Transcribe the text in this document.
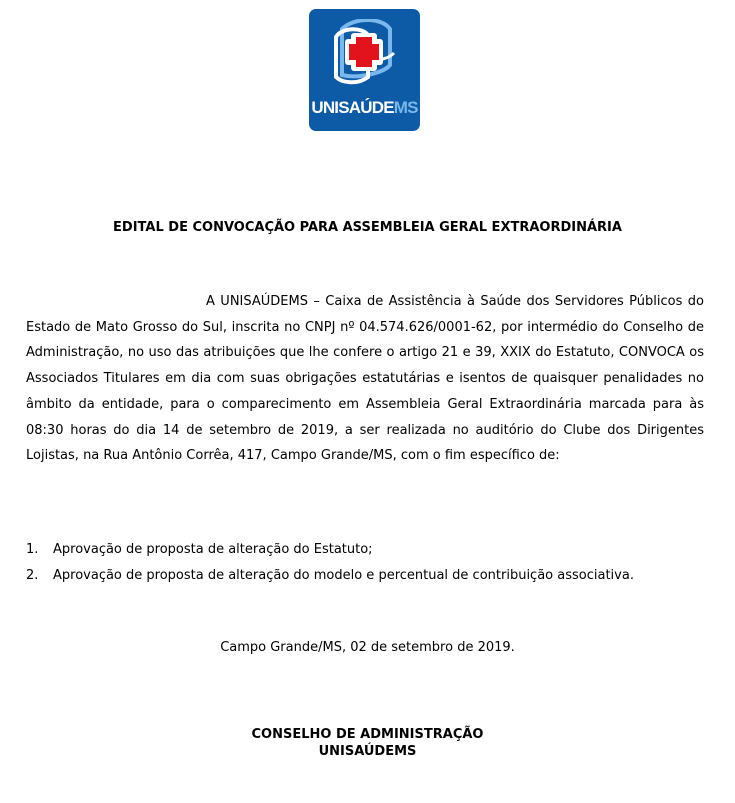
UNISAÚDEMS
EDITAL DE CONVOCAÇÃO PARA ASSEMBLEIA GERAL EXTRAORDINÁRIA

A UNISAÚDEMS – Caixa de Assistência à Saúde dos Servidores Públicos do Estado de Mato Grosso do Sul, inscrita no CNPJ nº 04.574.626/0001-62, por intermédio do Conselho de Administração, no uso das atribuições que lhe confere o artigo 21 e 39, XXIX do Estatuto, CONVOCA os Associados Titulares em dia com suas obrigações estatutárias e isentos de quaisquer penalidades no âmbito da entidade, para o comparecimento em Assembleia Geral Extraordinária marcada para às 08:30 horas do dia 14 de setembro de 2019, a ser realizada no auditório do Clube dos Dirigentes Lojistas, na Rua Antônio Corrêa, 417, Campo Grande/MS, com o fim específico de:

1. Aprovação de proposta de alteração do Estatuto;
2. Aprovação de proposta de alteração do modelo e percentual de contribuição associativa.

Campo Grande/MS, 02 de setembro de 2019.

CONSELHO DE ADMINISTRAÇÃO
UNISAÚDEMS
